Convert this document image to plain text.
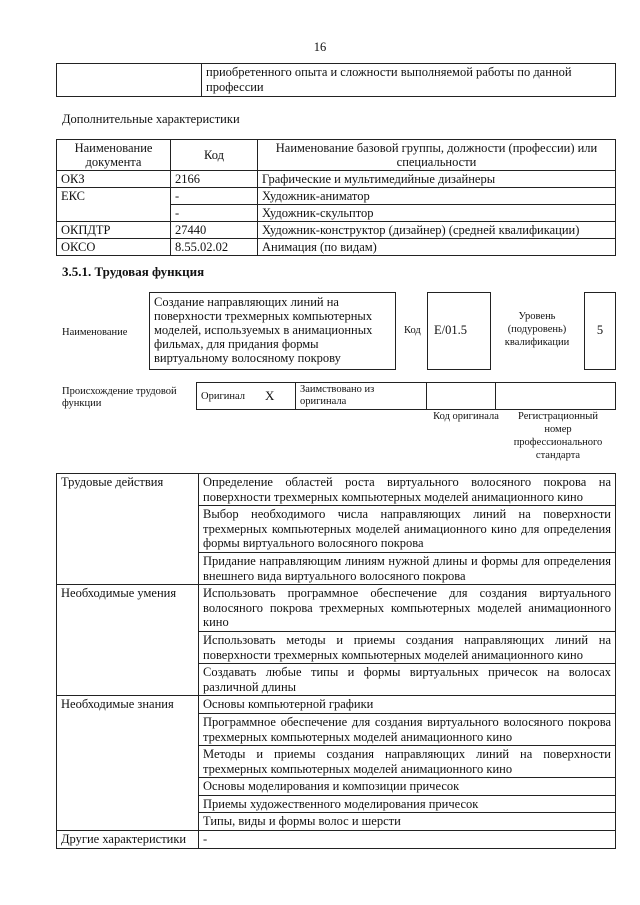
16
	приобретенного опыта и сложности выполняемой работы по данной профессии
Дополнительные характеристики
Наименование документа	Код	Наименование базовой группы, должности (профессии) или специальности
ОКЗ	2166	Графические и мультимедийные дизайнеры
ЕКС	-	Художник-аниматор
	-	Художник-скульптор
ОКПДТР	27440	Художник-конструктор (дизайнер) (средней квалификации)
ОКСО	8.55.02.02	Анимация (по видам)
3.5.1. Трудовая функция
Наименование
Создание направляющих линий на поверхности трехмерных компьютерных моделей, используемых в анимационных фильмах, для придания формы виртуальному волосяному покрову
Код	E/01.5
Уровень (подуровень) квалификации
5
Происхождение трудовой функции
Оригинал	X	Заимствовано из оригинала		
Код оригинала	Регистрационный номер профессионального стандарта
Трудовые действия	Определение областей роста виртуального волосяного покрова на поверхности трехмерных компьютерных моделей анимационного кино
	Выбор необходимого числа направляющих линий на поверхности трехмерных компьютерных моделей анимационного кино для определения формы виртуального волосяного покрова
	Придание направляющим линиям нужной длины и формы для определения внешнего вида виртуального волосяного покрова
Необходимые умения	Использовать программное обеспечение для создания виртуального волосяного покрова трехмерных компьютерных моделей анимационного кино
	Использовать методы и приемы создания направляющих линий на поверхности трехмерных компьютерных моделей анимационного кино
	Создавать любые типы и формы виртуальных причесок на волосах различной длины
Необходимые знания	Основы компьютерной графики
	Программное обеспечение для создания виртуального волосяного покрова трехмерных компьютерных моделей анимационного кино
	Методы и приемы создания направляющих линий на поверхности трехмерных компьютерных моделей анимационного кино
	Основы моделирования и композиции причесок
	Приемы художественного моделирования причесок
	Типы, виды и формы волос и шерсти
Другие характеристики	-
